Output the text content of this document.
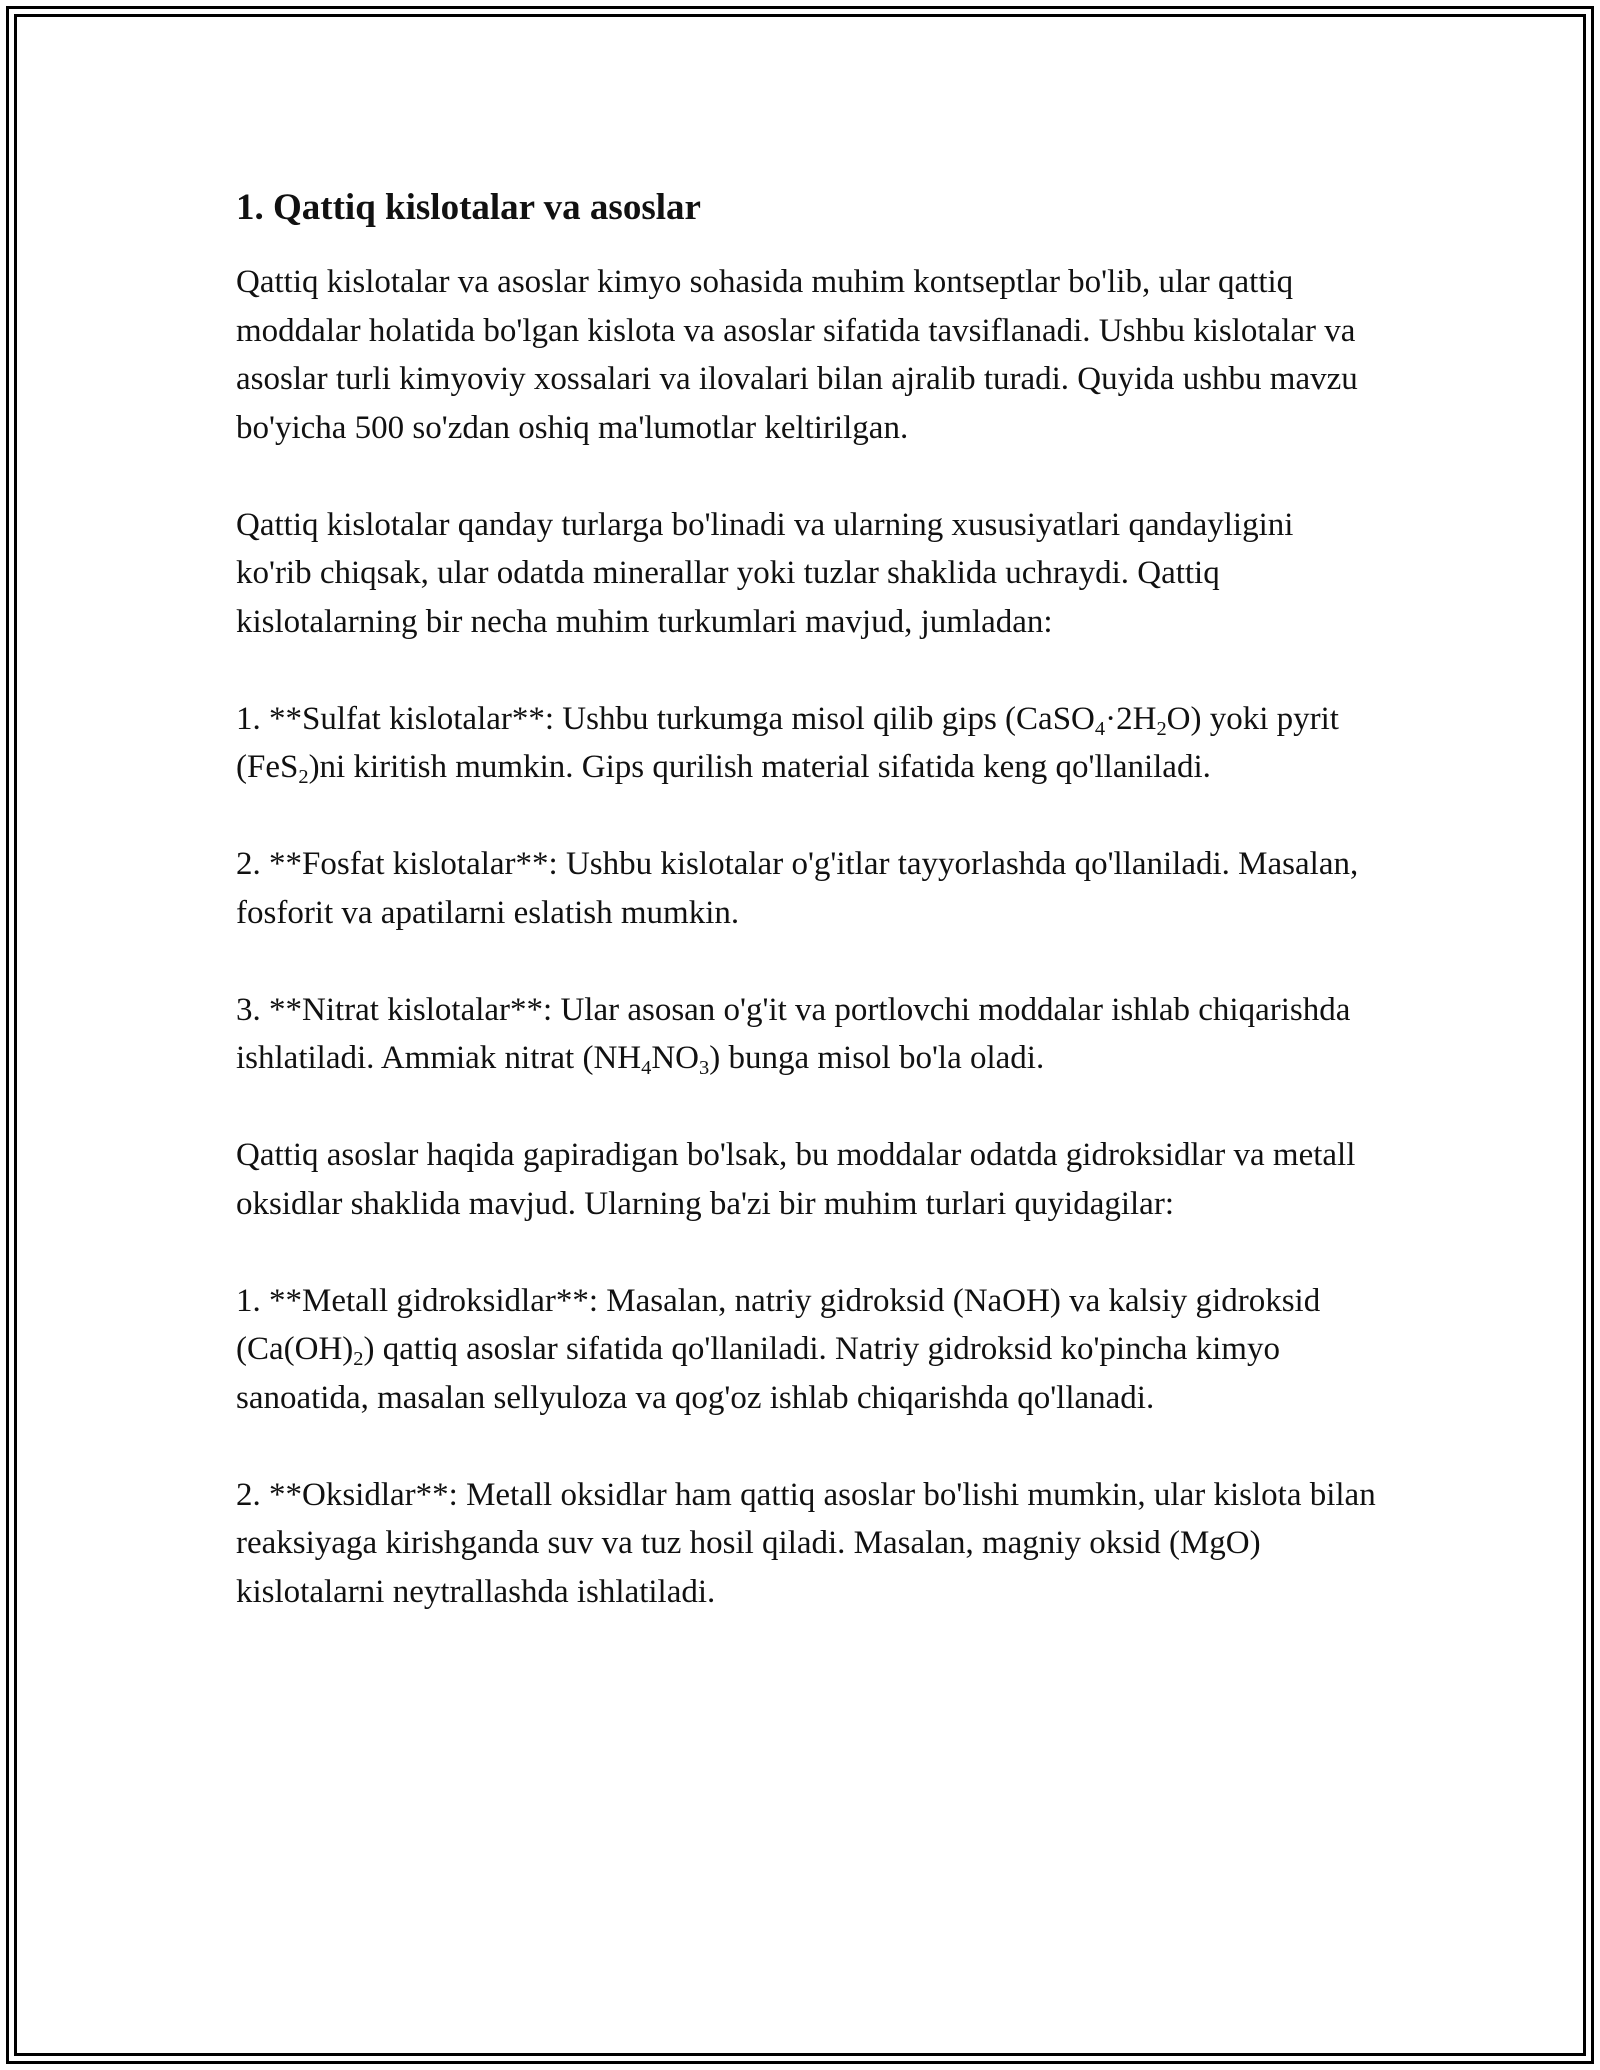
1. Qattiq kislotalar va asoslar

Qattiq kislotalar va asoslar kimyo sohasida muhim kontseptlar bo'lib, ular qattiq moddalar holatida bo'lgan kislota va asoslar sifatida tavsiflanadi. Ushbu kislotalar va asoslar turli kimyoviy xossalari va ilovalari bilan ajralib turadi. Quyida ushbu mavzu bo'yicha 500 so'zdan oshiq ma'lumotlar keltirilgan.

Qattiq kislotalar qanday turlarga bo'linadi va ularning xususiyatlari qandayligini ko'rib chiqsak, ular odatda minerallar yoki tuzlar shaklida uchraydi. Qattiq kislotalarning bir necha muhim turkumlari mavjud, jumladan:

1. **Sulfat kislotalar**: Ushbu turkumga misol qilib gips $(CaSO_4\cdot 2H_2O)$ yoki pyrit (FeS$_2$)ni kiritish mumkin. Gips qurilish material sifatida keng qo'llaniladi.

2. **Fosfat kislotalar**: Ushbu kislotalar o'g'itlar tayyorlashda qo'llaniladi. Masalan, fosforit va apatilarni eslatish mumkin.

3. **Nitrat kislotalar**: Ular asosan o'g'it va portlovchi moddalar ishlab chiqarishda ishlatiladi. Ammiak nitrat $(NH_4NO_3)$ bunga misol bo'la oladi.

Qattiq asoslar haqida gapiradigan bo'lsak, bu moddalar odatda gidroksidlar va metall oksidlar shaklida mavjud. Ularning ba'zi bir muhim turlari quyidagilar:

1. **Metall gidroksidlar**: Masalan, natriy gidroksid (NaOH) va kalsiy gidroksid $(Ca(OH)_2)$ qattiq asoslar sifatida qo'llaniladi. Natriy gidroksid ko'pincha kimyo sanoatida, masalan sellyuloza va qog'oz ishlab chiqarishda qo'llanadi.

2. **Oksidlar**: Metall oksidlar ham qattiq asoslar bo'lishi mumkin, ular kislota bilan reaksiyaga kirishganda suv va tuz hosil qiladi. Masalan, magniy oksid (MgO) kislotalarni neytrallashda ishlatiladi.
